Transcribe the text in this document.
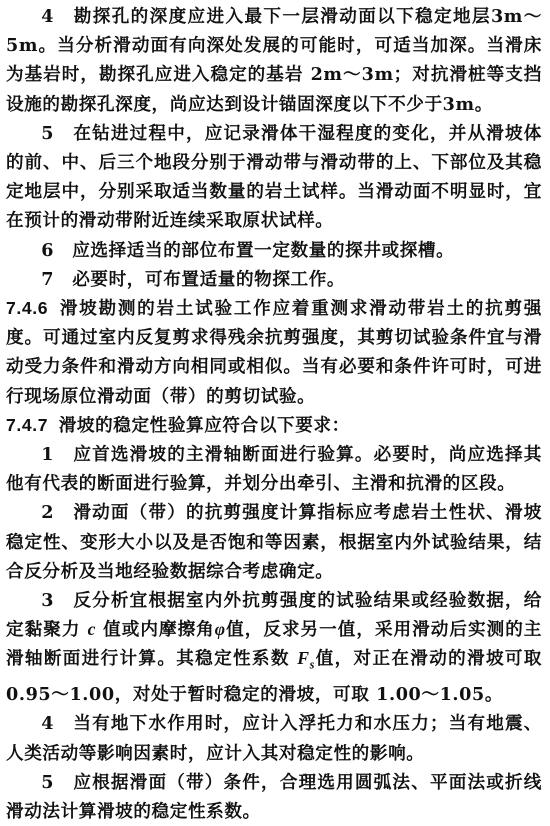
4　勘探孔的深度应进入最下一层滑动面以下稳定地层3m～5m。当分析滑动面有向深处发展的可能时，可适当加深。当滑床为基岩时，勘探孔应进入稳定的基岩 2m～3m；对抗滑桩等支挡设施的勘探孔深度，尚应达到设计锚固深度以下不少于3m。

5　在钻进过程中，应记录滑体干湿程度的变化，并从滑坡体的前、中、后三个地段分别于滑动带与滑动带的上、下部位及其稳定地层中，分别采取适当数量的岩土试样。当滑动面不明显时，宜在预计的滑动带附近连续采取原状试样。

6　应选择适当的部位布置一定数量的探井或探槽。

7　必要时，可布置适量的物探工作。

7.4.6 滑坡勘测的岩土试验工作应着重测求滑动带岩土的抗剪强度。可通过室内反复剪求得残余抗剪强度，其剪切试验条件宜与滑动受力条件和滑动方向相同或相似。当有必要和条件许可时，可进行现场原位滑动面（带）的剪切试验。

7.4.7 滑坡的稳定性验算应符合以下要求：

1　应首选滑坡的主滑轴断面进行验算。必要时，尚应选择其他有代表的断面进行验算，并划分出牵引、主滑和抗滑的区段。

2　滑动面（带）的抗剪强度计算指标应考虑岩土性状、滑坡稳定性、变形大小以及是否饱和等因素，根据室内外试验结果，结合反分析及当地经验数据综合考虑确定。

3　反分析宜根据室内外抗剪强度的试验结果或经验数据，给定黏聚力 c 值或内摩擦角φ值，反求另一值，采用滑动后实测的主滑轴断面进行计算。其稳定性系数 $F_s$值，对正在滑动的滑坡可取 0.95～1.00，对处于暂时稳定的滑坡，可取 1.00～1.05。

4　当有地下水作用时，应计入浮托力和水压力；当有地震、人类活动等影响因素时，应计入其对稳定性的影响。

5　应根据滑面（带）条件，合理选用圆弧法、平面法或折线滑动法计算滑坡的稳定性系数。
